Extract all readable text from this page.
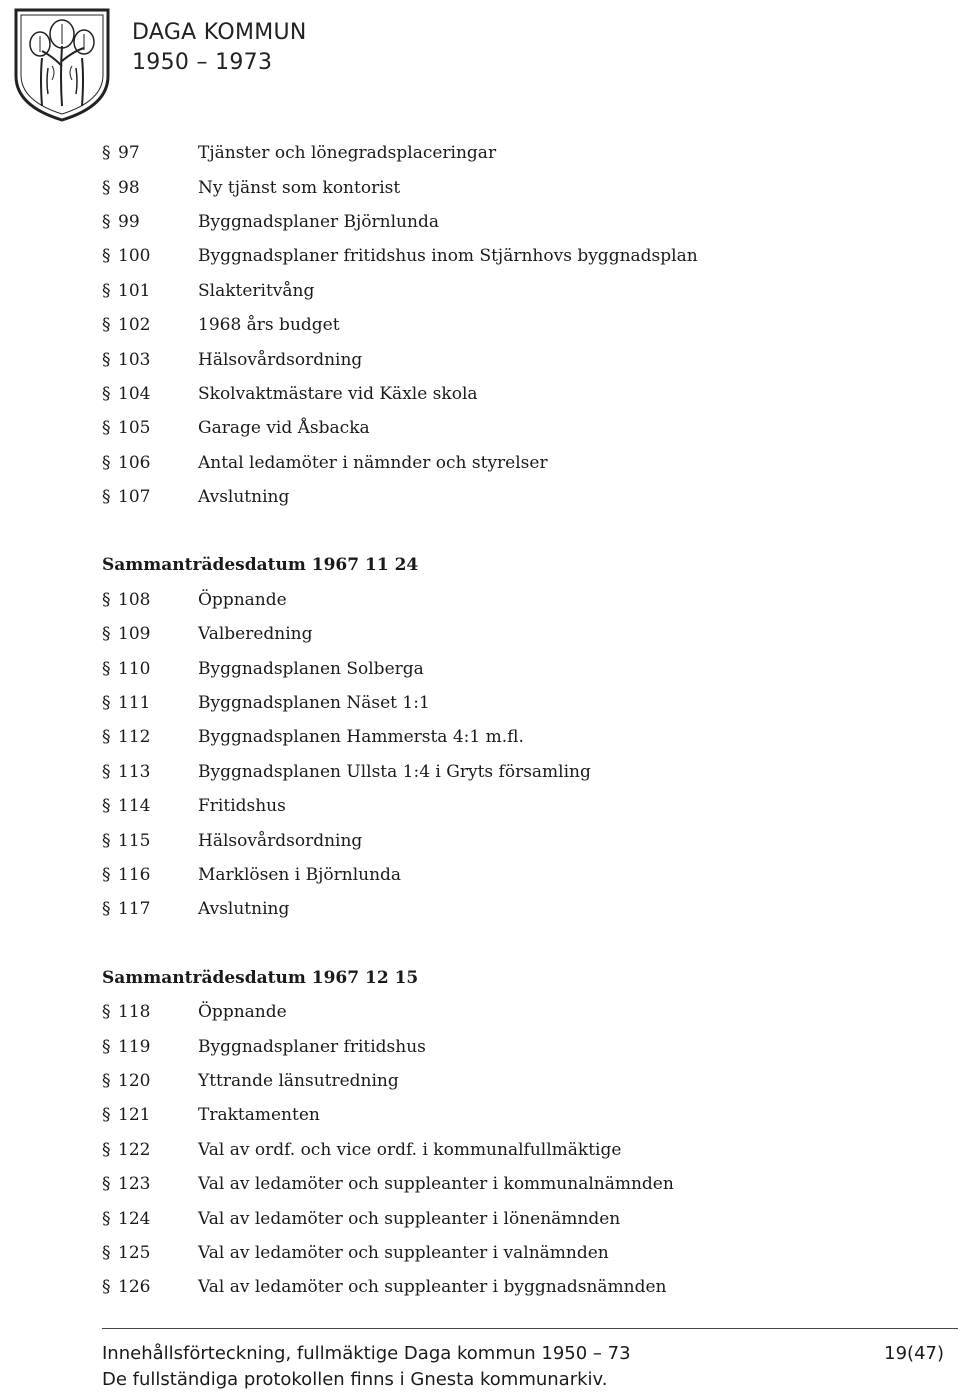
DAGA KOMMUN
1950 – 1973
§ 97	Tjänster och lönegradsplaceringar
§ 98	Ny tjänst som kontorist
§ 99	Byggnadsplaner Björnlunda
§ 100	Byggnadsplaner fritidshus inom Stjärnhovs byggnadsplan
§ 101	Slakteritvång
§ 102	1968 års budget
§ 103	Hälsovårdsordning
§ 104	Skolvaktmästare vid Käxle skola
§ 105	Garage vid Åsbacka
§ 106	Antal ledamöter i nämnder och styrelser
§ 107	Avslutning
Sammanträdesdatum 1967 11 24
§ 108	Öppnande
§ 109	Valberedning
§ 110	Byggnadsplanen Solberga
§ 111	Byggnadsplanen Näset 1:1
§ 112	Byggnadsplanen Hammersta 4:1 m.fl.
§ 113	Byggnadsplanen Ullsta 1:4 i Gryts församling
§ 114	Fritidshus
§ 115	Hälsovårdsordning
§ 116	Marklösen i Björnlunda
§ 117	Avslutning
Sammanträdesdatum 1967 12 15
§ 118	Öppnande
§ 119	Byggnadsplaner fritidshus
§ 120	Yttrande länsutredning
§ 121	Traktamenten
§ 122	Val av ordf. och vice ordf. i kommunalfullmäktige
§ 123	Val av ledamöter och suppleanter i kommunalnämnden
§ 124	Val av ledamöter och suppleanter i lönenämnden
§ 125	Val av ledamöter och suppleanter i valnämnden
§ 126	Val av ledamöter och suppleanter i byggnadsnämnden
Innehållsförteckning, fullmäktige Daga kommun 1950 – 73	19(47)
De fullständiga protokollen finns i Gnesta kommunarkiv.
